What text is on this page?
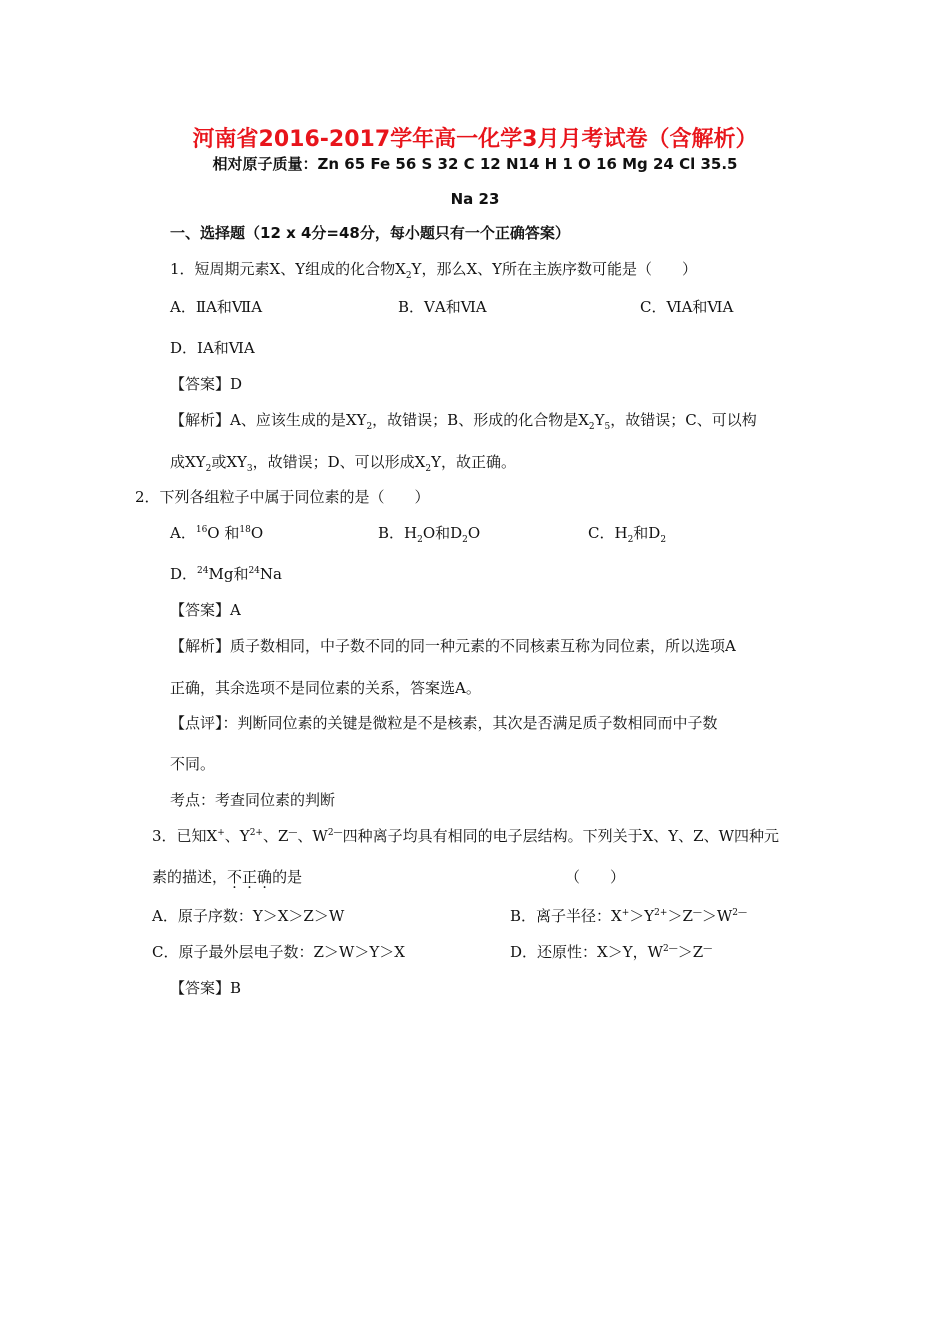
河南省2016-2017学年高一化学3月月考试卷（含解析）
相对原子质量：Zn 65 Fe 56 S 32 C 12 N14 H 1 O 16 Mg 24 Cl 35.5
Na 23
一、选择题（12 x 4分=48分，每小题只有一个正确答案）
1．短周期元素X、Y组成的化合物$X_2Y$，那么X、Y所在主族序数可能是（　　）
A．ⅡA和ⅦA	B．ⅤA和ⅥA	C．ⅥA和ⅥA
D．ⅠA和ⅥA
【答案】D
【解析】A、应该生成的是$XY_2$，故错误；B、形成的化合物是$X_2Y_5$，故错误；C、可以构
成$XY_2$或$XY_3$，故错误；D、可以形成$X_2Y$，故正确。
2．下列各组粒子中属于同位素的是（　　）
A．$^{16}$O 和$^{18}$O	B．$H_2O$和$D_2O$	C．$H_2$和$D_2$
D．$^{24}$Mg和$^{24}$Na
【答案】A
【解析】质子数相同，中子数不同的同一种元素的不同核素互称为同位素，所以选项A
正确，其余选项不是同位素的关系，答案选A。
【点评】：判断同位素的关键是微粒是不是核素，其次是否满足质子数相同而中子数
不同。
考点：考查同位素的判断
3．已知X+、$Y^{2+}$、Z—、$W^{2—}$四种离子均具有相同的电子层结构。下列关于X、Y、Z、W四种元
素的描述，不正确的是	（　　）
A．原子序数：Y＞X＞Z＞W	B．离子半径：$X^+>Y^{2+}>Z^—>W^{2—}$
C．原子最外层电子数：Z＞W＞Y＞X	D．还原性：X＞Y，$W^{2—}>Z^—$
【答案】B
